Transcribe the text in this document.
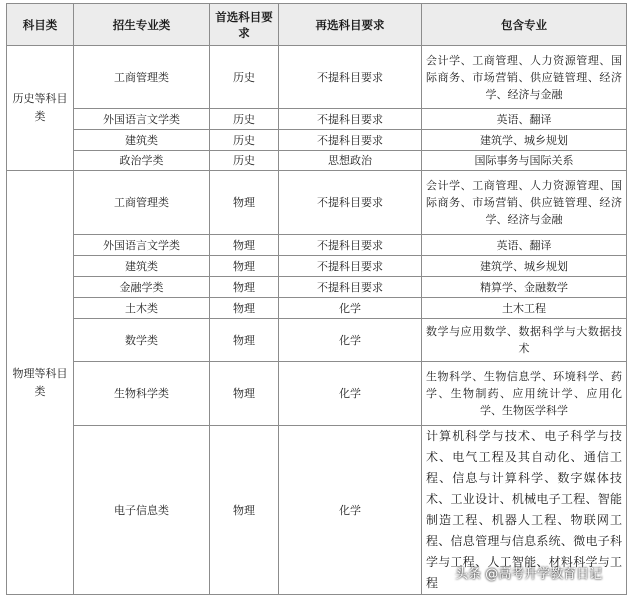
科目类	招生专业类	首选科目要求	再选科目要求	包含专业
历史等科目类	工商管理类	历史	不提科目要求	会计学、工商管理、人力资源管理、国际商务、市场营销、供应链管理、经济学、经济与金融
	外国语言文学类	历史	不提科目要求	英语、翻译
	建筑类	历史	不提科目要求	建筑学、城乡规划
	政治学类	历史	思想政治	国际事务与国际关系
物理等科目类	工商管理类	物理	不提科目要求	会计学、工商管理、人力资源管理、国际商务、市场营销、供应链管理、经济学、经济与金融
	外国语言文学类	物理	不提科目要求	英语、翻译
	建筑类	物理	不提科目要求	建筑学、城乡规划
	金融学类	物理	不提科目要求	精算学、金融数学
	土木类	物理	化学	土木工程
	数学类	物理	化学	数学与应用数学、数据科学与大数据技术
	生物科学类	物理	化学	生物科学、生物信息学、环境科学、药学、生物制药、应用统计学、应用化学、生物医学科学
	电子信息类	物理	化学	计算机科学与技术、电子科学与技术、电气工程及其自动化、通信工程、信息与计算科学、数字媒体技术、工业设计、机械电子工程、智能制造工程、机器人工程、物联网工程、信息管理与信息系统、微电子科学与工程、人工智能、材料科学与工程
头条 @高考升学教育日记
